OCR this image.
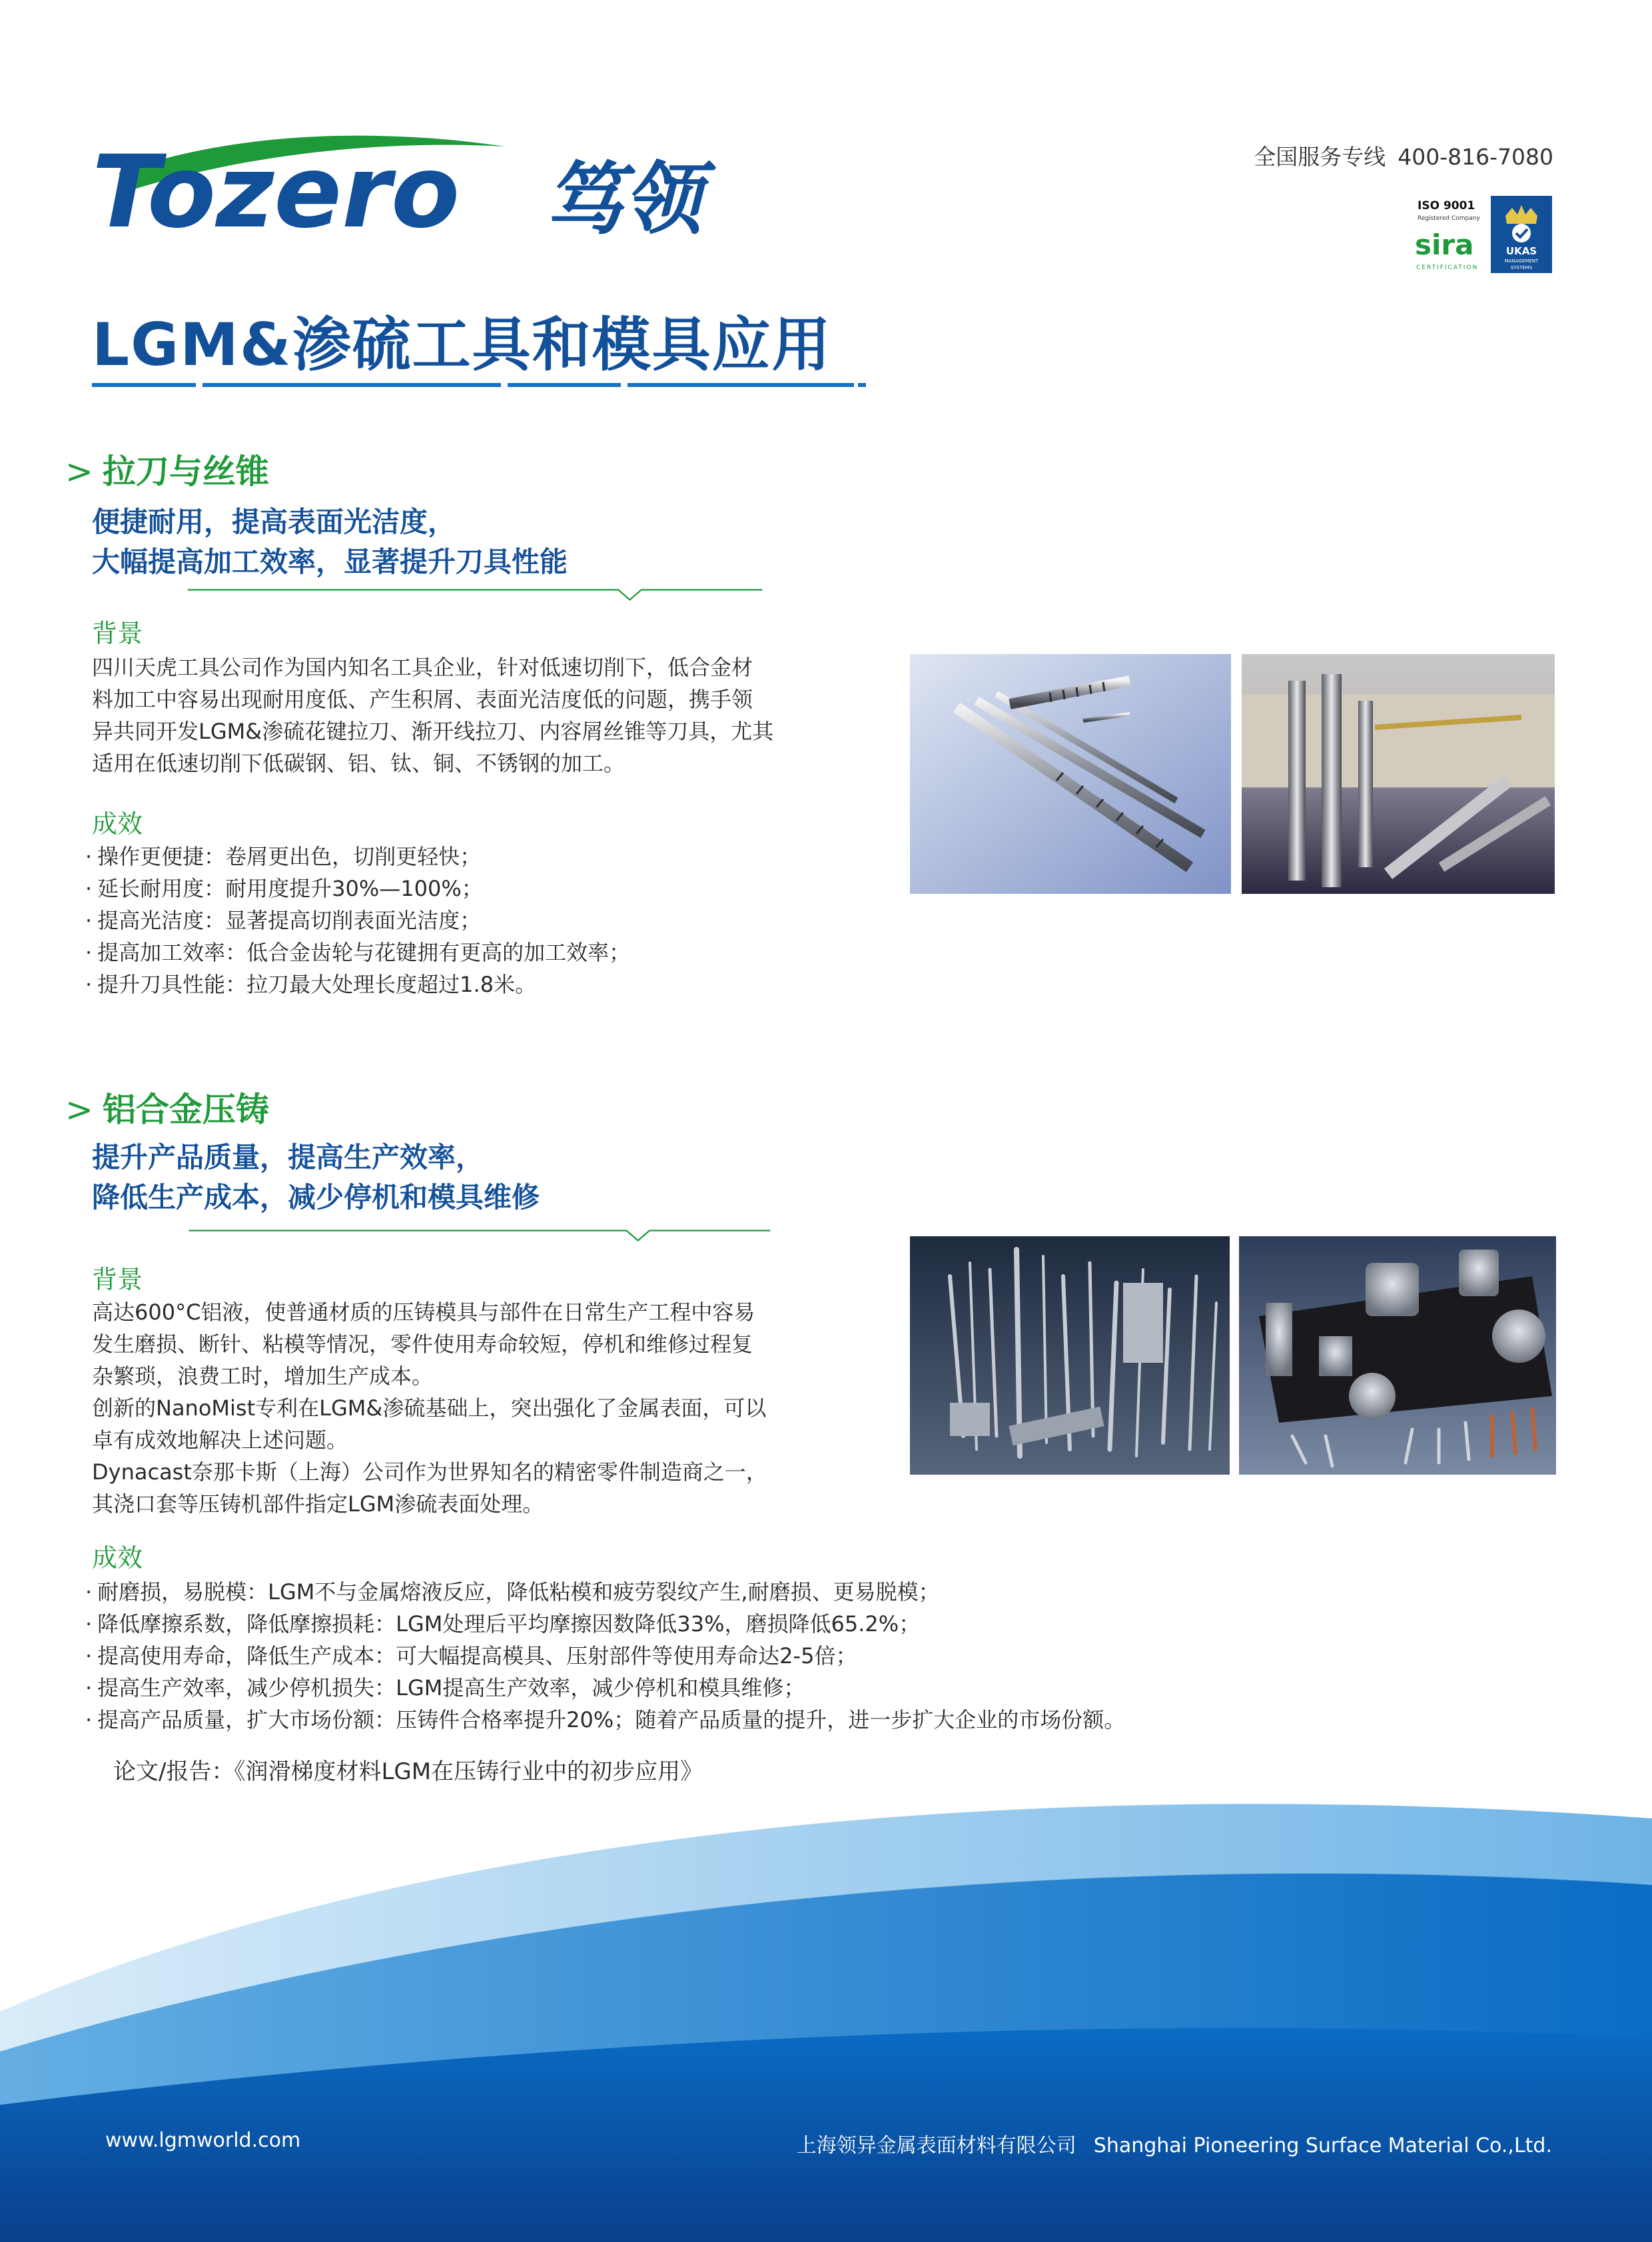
Tozero 笃领	全国服务专线 400-816-7080
ISO 9001
Registered Company
sira
CERTIFICATION
UKAS
MANAGEMENT
SYSTEMS
LGM&渗硫工具和模具应用
> 拉刀与丝锥
便捷耐用，提高表面光洁度，
大幅提高加工效率，显著提升刀具性能
背景
四川天虎工具公司作为国内知名工具企业，针对低速切削下，低合金材
料加工中容易出现耐用度低、产生积屑、表面光洁度低的问题，携手领
异共同开发LGM&渗硫花键拉刀、渐开线拉刀、内容屑丝锥等刀具，尤其
适用在低速切削下低碳钢、铝、钛、铜、不锈钢的加工。
成效
· 操作更便捷：卷屑更出色，切削更轻快；
· 延长耐用度：耐用度提升30%—100%；
· 提高光洁度：显著提高切削表面光洁度；
· 提高加工效率：低合金齿轮与花键拥有更高的加工效率；
· 提升刀具性能：拉刀最大处理长度超过1.8米。
> 铝合金压铸
提升产品质量，提高生产效率，
降低生产成本，减少停机和模具维修
背景
高达600°C铝液，使普通材质的压铸模具与部件在日常生产工程中容易
发生磨损、断针、粘模等情况，零件使用寿命较短，停机和维修过程复
杂繁琐，浪费工时，增加生产成本。
创新的NanoMist专利在LGM&渗硫基础上，突出强化了金属表面，可以
卓有成效地解决上述问题。
Dynacast奈那卡斯（上海）公司作为世界知名的精密零件制造商之一，
其浇口套等压铸机部件指定LGM渗硫表面处理。
成效
· 耐磨损，易脱模：LGM不与金属熔液反应，降低粘模和疲劳裂纹产生,耐磨损、更易脱模；
· 降低摩擦系数，降低摩擦损耗：LGM处理后平均摩擦因数降低33%，磨损降低65.2%；
· 提高使用寿命，降低生产成本：可大幅提高模具、压射部件等使用寿命达2-5倍；
· 提高生产效率，减少停机损失：LGM提高生产效率，减少停机和模具维修；
· 提高产品质量，扩大市场份额：压铸件合格率提升20%；随着产品质量的提升，进一步扩大企业的市场份额。
论文/报告：《润滑梯度材料LGM在压铸行业中的初步应用》
www.lgmworld.com	上海领异金属表面材料有限公司 Shanghai Pioneering Surface Material Co.,Ltd.
